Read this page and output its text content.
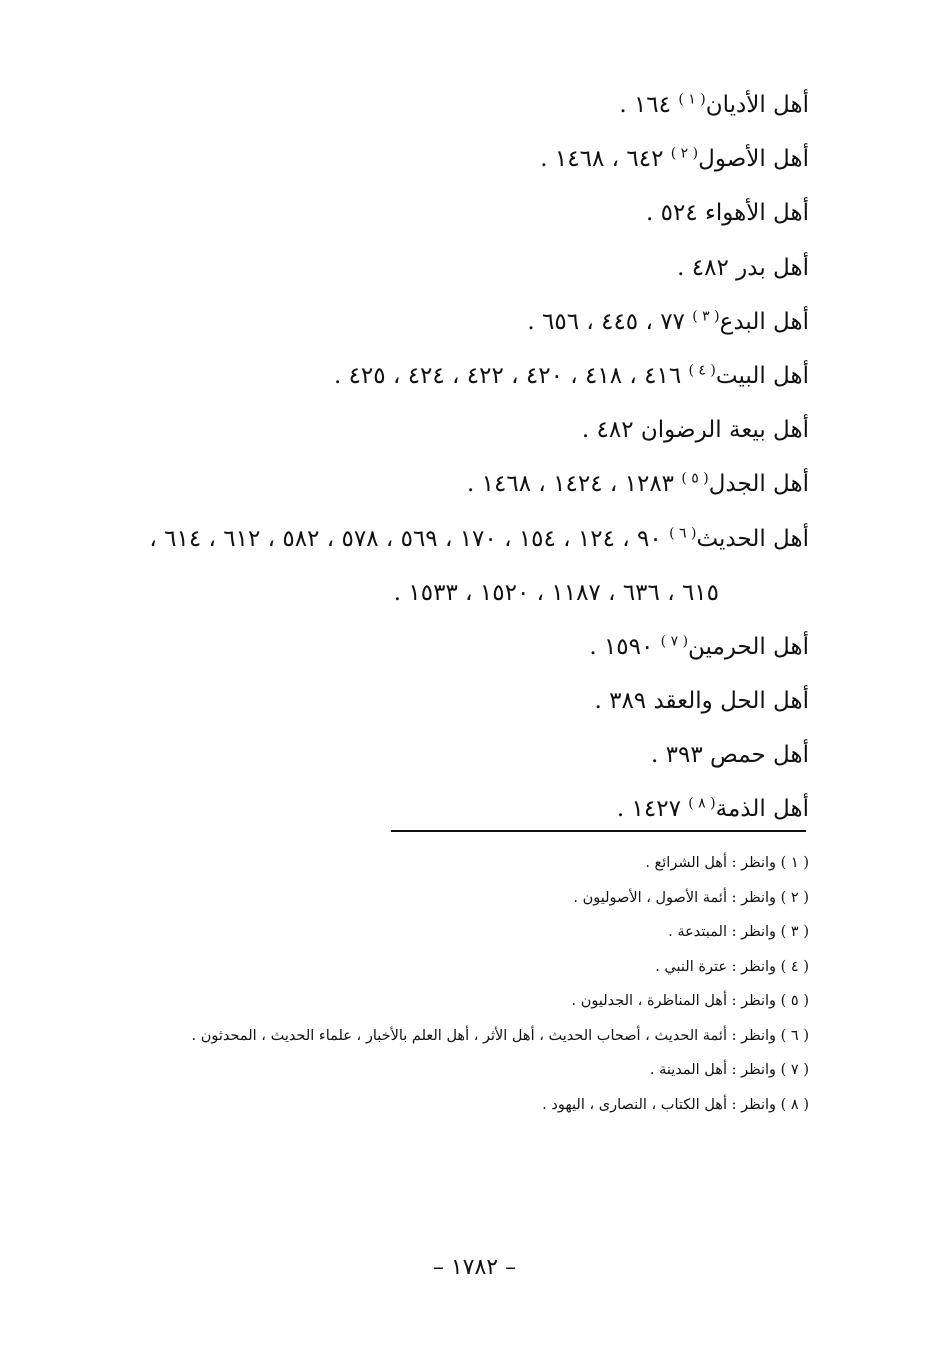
أهل الأديان$^{( ١ )}$ ١٦٤ .
أهل الأصول$^{( ٢ )}$ ٦٤٢ ، ١٤٦٨ .
أهل الأهواء ٥٢٤ .
أهل بدر ٤٨٢ .
أهل البدع$^{( ٣ )}$ ٧٧ ، ٤٤٥ ، ٦٥٦ .
أهل البيت$^{( ٤ )}$ ٤١٦ ، ٤١٨ ، ٤٢٠ ، ٤٢٢ ، ٤٢٤ ، ٤٢٥ .
أهل بيعة الرضوان ٤٨٢ .
أهل الجدل$^{( ٥ )}$ ١٢٨٣ ، ١٤٢٤ ، ١٤٦٨ .
أهل الحديث$^{( ٦ )}$ ٩٠ ، ١٢٤ ، ١٥٤ ، ١٧٠ ، ٥٦٩ ، ٥٧٨ ، ٥٨٢ ، ٦١٢ ، ٦١٤ ،
٦١٥ ، ٦٣٦ ، ١١٨٧ ، ١٥٢٠ ، ١٥٣٣ .
أهل الحرمين$^{( ٧ )}$ ١٥٩٠ .
أهل الحل والعقد ٣٨٩ .
أهل حمص ٣٩٣ .
أهل الذمة$^{( ٨ )}$ ١٤٢٧ .
( ١ ) وانظر : أهل الشرائع .
( ٢ ) وانظر : أئمة الأصول ، الأصوليون .
( ٣ ) وانظر : المبتدعة .
( ٤ ) وانظر : عترة النبي .
( ٥ ) وانظر : أهل المناظرة ، الجدليون .
( ٦ ) وانظر : أئمة الحديث ، أصحاب الحديث ، أهل الأثر ، أهل العلم بالأخبار ، علماء الحديث ، المحدثون .
( ٧ ) وانظر : أهل المدينة .
( ٨ ) وانظر : أهل الكتاب ، النصارى ، اليهود .
– ١٧٨٢ –
